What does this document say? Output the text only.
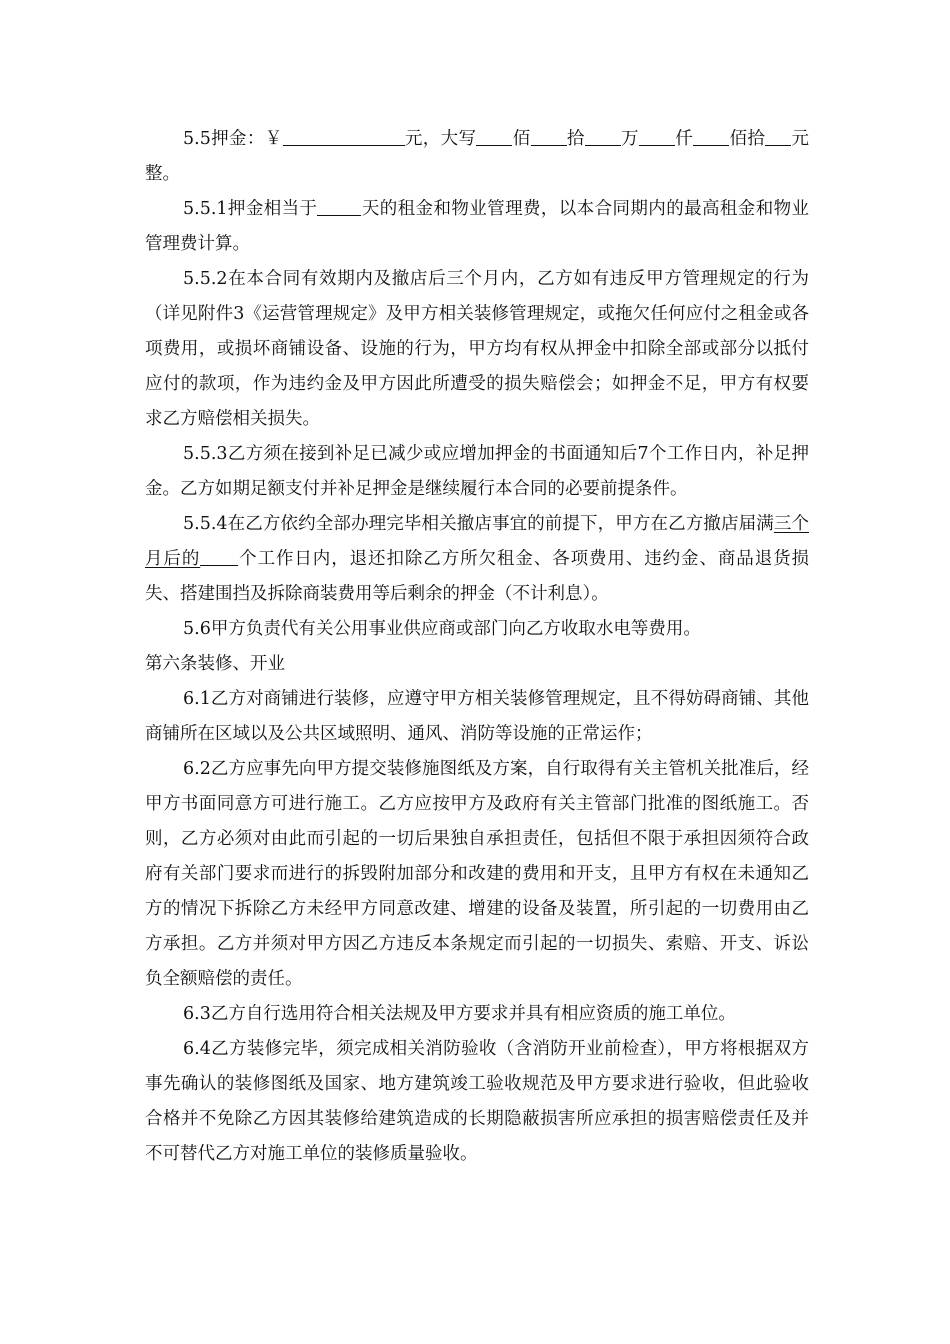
5.5押金：￥	元，大写 佰 拾 万 仟 佰拾 元整。

5.5.1押金相当于	天的租金和物业管理费，以本合同期内的最高租金和物业管理费计算。

5.5.2在本合同有效期内及撤店后三个月内，乙方如有违反甲方管理规定的行为（详见附件3《运营管理规定》及甲方相关装修管理规定，或拖欠任何应付之租金或各项费用，或损坏商铺设备、设施的行为，甲方均有权从押金中扣除全部或部分以抵付应付的款项，作为违约金及甲方因此所遭受的损失赔偿会；如押金不足，甲方有权要求乙方赔偿相关损失。

5.5.3乙方须在接到补足已减少或应增加押金的书面通知后7个工作日内，补足押金。乙方如期足额支付并补足押金是继续履行本合同的必要前提条件。

5.5.4在乙方依约全部办理完毕相关撤店事宜的前提下，甲方在乙方撤店届满三个月后的 个工作日内，退还扣除乙方所欠租金、各项费用、违约金、商品退货损失、搭建围挡及拆除商装费用等后剩余的押金（不计利息）。

5.6甲方负责代有关公用事业供应商或部门向乙方收取水电等费用。

第六条装修、开业

6.1乙方对商铺进行装修，应遵守甲方相关装修管理规定，且不得妨碍商铺、其他商铺所在区域以及公共区域照明、通风、消防等设施的正常运作；

6.2乙方应事先向甲方提交装修施图纸及方案，自行取得有关主管机关批准后，经甲方书面同意方可进行施工。乙方应按甲方及政府有关主管部门批准的图纸施工。否则，乙方必须对由此而引起的一切后果独自承担责任，包括但不限于承担因须符合政府有关部门要求而进行的拆毁附加部分和改建的费用和开支，且甲方有权在未通知乙方的情况下拆除乙方未经甲方同意改建、增建的设备及装置，所引起的一切费用由乙方承担。乙方并须对甲方因乙方违反本条规定而引起的一切损失、索赔、开支、诉讼负全额赔偿的责任。

6.3乙方自行选用符合相关法规及甲方要求并具有相应资质的施工单位。

6.4乙方装修完毕，须完成相关消防验收（含消防开业前检查），甲方将根据双方事先确认的装修图纸及国家、地方建筑竣工验收规范及甲方要求进行验收，但此验收合格并不免除乙方因其装修给建筑造成的长期隐蔽损害所应承担的损害赔偿责任及并不可替代乙方对施工单位的装修质量验收。
